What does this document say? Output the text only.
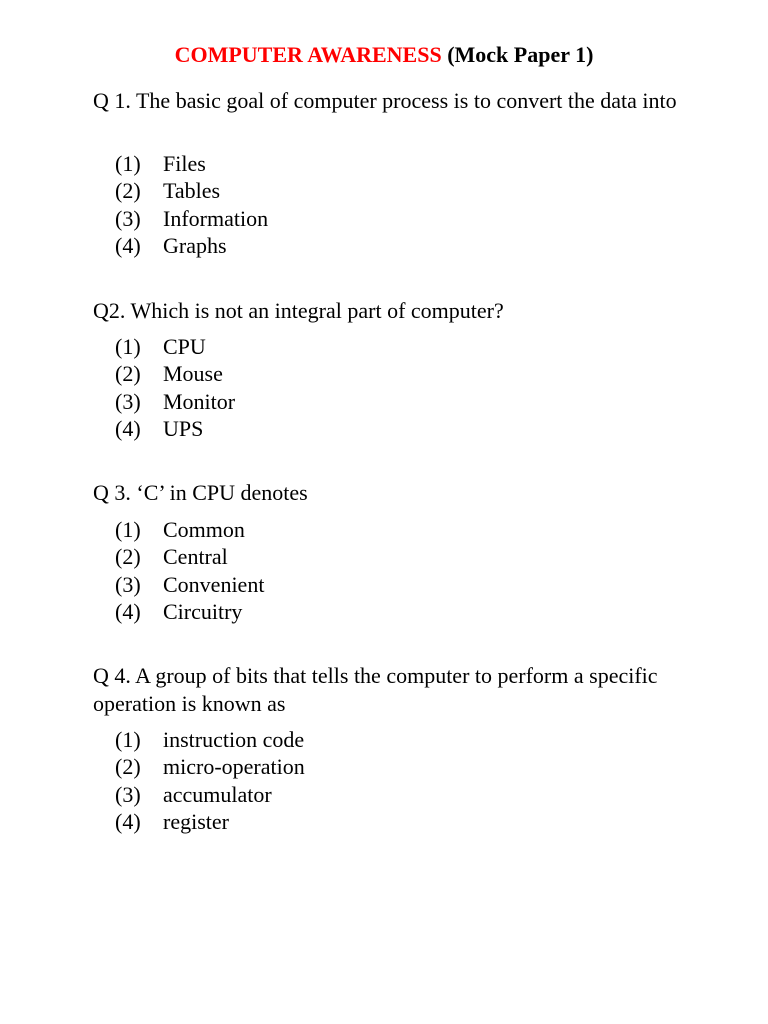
COMPUTER AWARENESS (Mock Paper 1)
Q 1. The basic goal of computer process is to convert the data into
(1)	Files
(2)	Tables
(3)	Information
(4)	Graphs
Q2. Which is not an integral part of computer?
(1)	CPU
(2)	Mouse
(3)	Monitor
(4)	UPS
Q 3. ‘C’ in CPU denotes
(1)	Common
(2)	Central
(3)	Convenient
(4)	Circuitry
Q 4. A group of bits that tells the computer to perform a specific operation is known as
(1)	instruction code
(2)	micro-operation
(3)	accumulator
(4)	register
